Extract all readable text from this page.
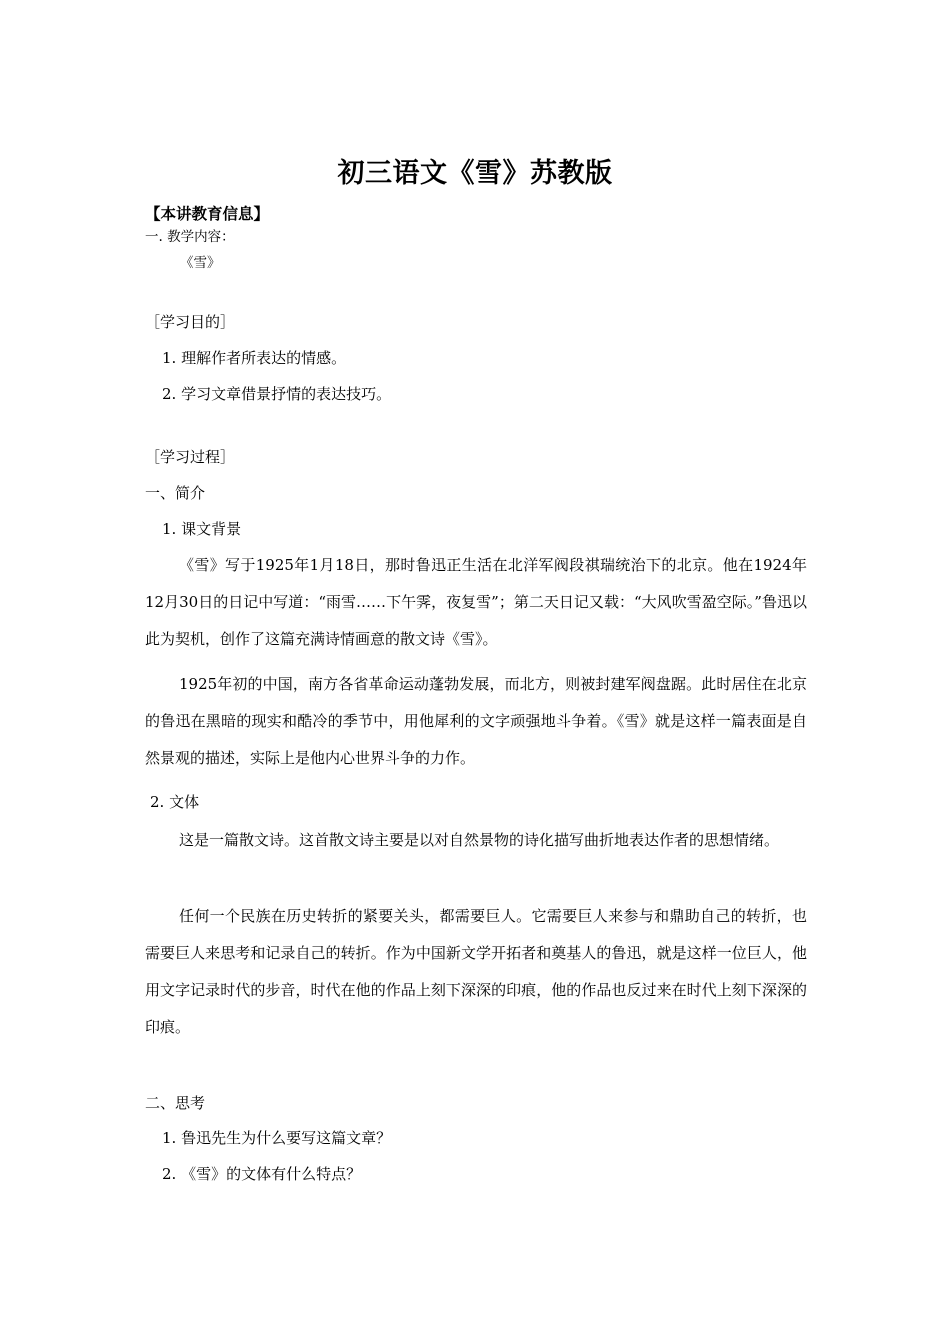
初三语文《雪》苏教版
【本讲教育信息】
一. 教学内容：
《雪》
［学习目的］
1. 理解作者所表达的情感。
2. 学习文章借景抒情的表达技巧。
［学习过程］
一、简介
1. 课文背景

《雪》写于1925年1月18日，那时鲁迅正生活在北洋军阀段祺瑞统治下的北京。他在1924年12月30日的日记中写道：“雨雪……下午霁，夜复雪”；第二天日记又载：“大风吹雪盈空际。”鲁迅以此为契机，创作了这篇充满诗情画意的散文诗《雪》。

1925年初的中国，南方各省革命运动蓬勃发展，而北方，则被封建军阀盘踞。此时居住在北京的鲁迅在黑暗的现实和酷冷的季节中，用他犀利的文字顽强地斗争着。《雪》就是这样一篇表面是自然景观的描述，实际上是他内心世界斗争的力作。

2. 文体

这是一篇散文诗。这首散文诗主要是以对自然景物的诗化描写曲折地表达作者的思想情绪。

任何一个民族在历史转折的紧要关头，都需要巨人。它需要巨人来参与和鼎助自己的转折，也需要巨人来思考和记录自己的转折。作为中国新文学开拓者和奠基人的鲁迅，就是这样一位巨人，他用文字记录时代的步音，时代在他的作品上刻下深深的印痕，他的作品也反过来在时代上刻下深深的印痕。

二、思考
1. 鲁迅先生为什么要写这篇文章？
2. 《雪》的文体有什么特点？
